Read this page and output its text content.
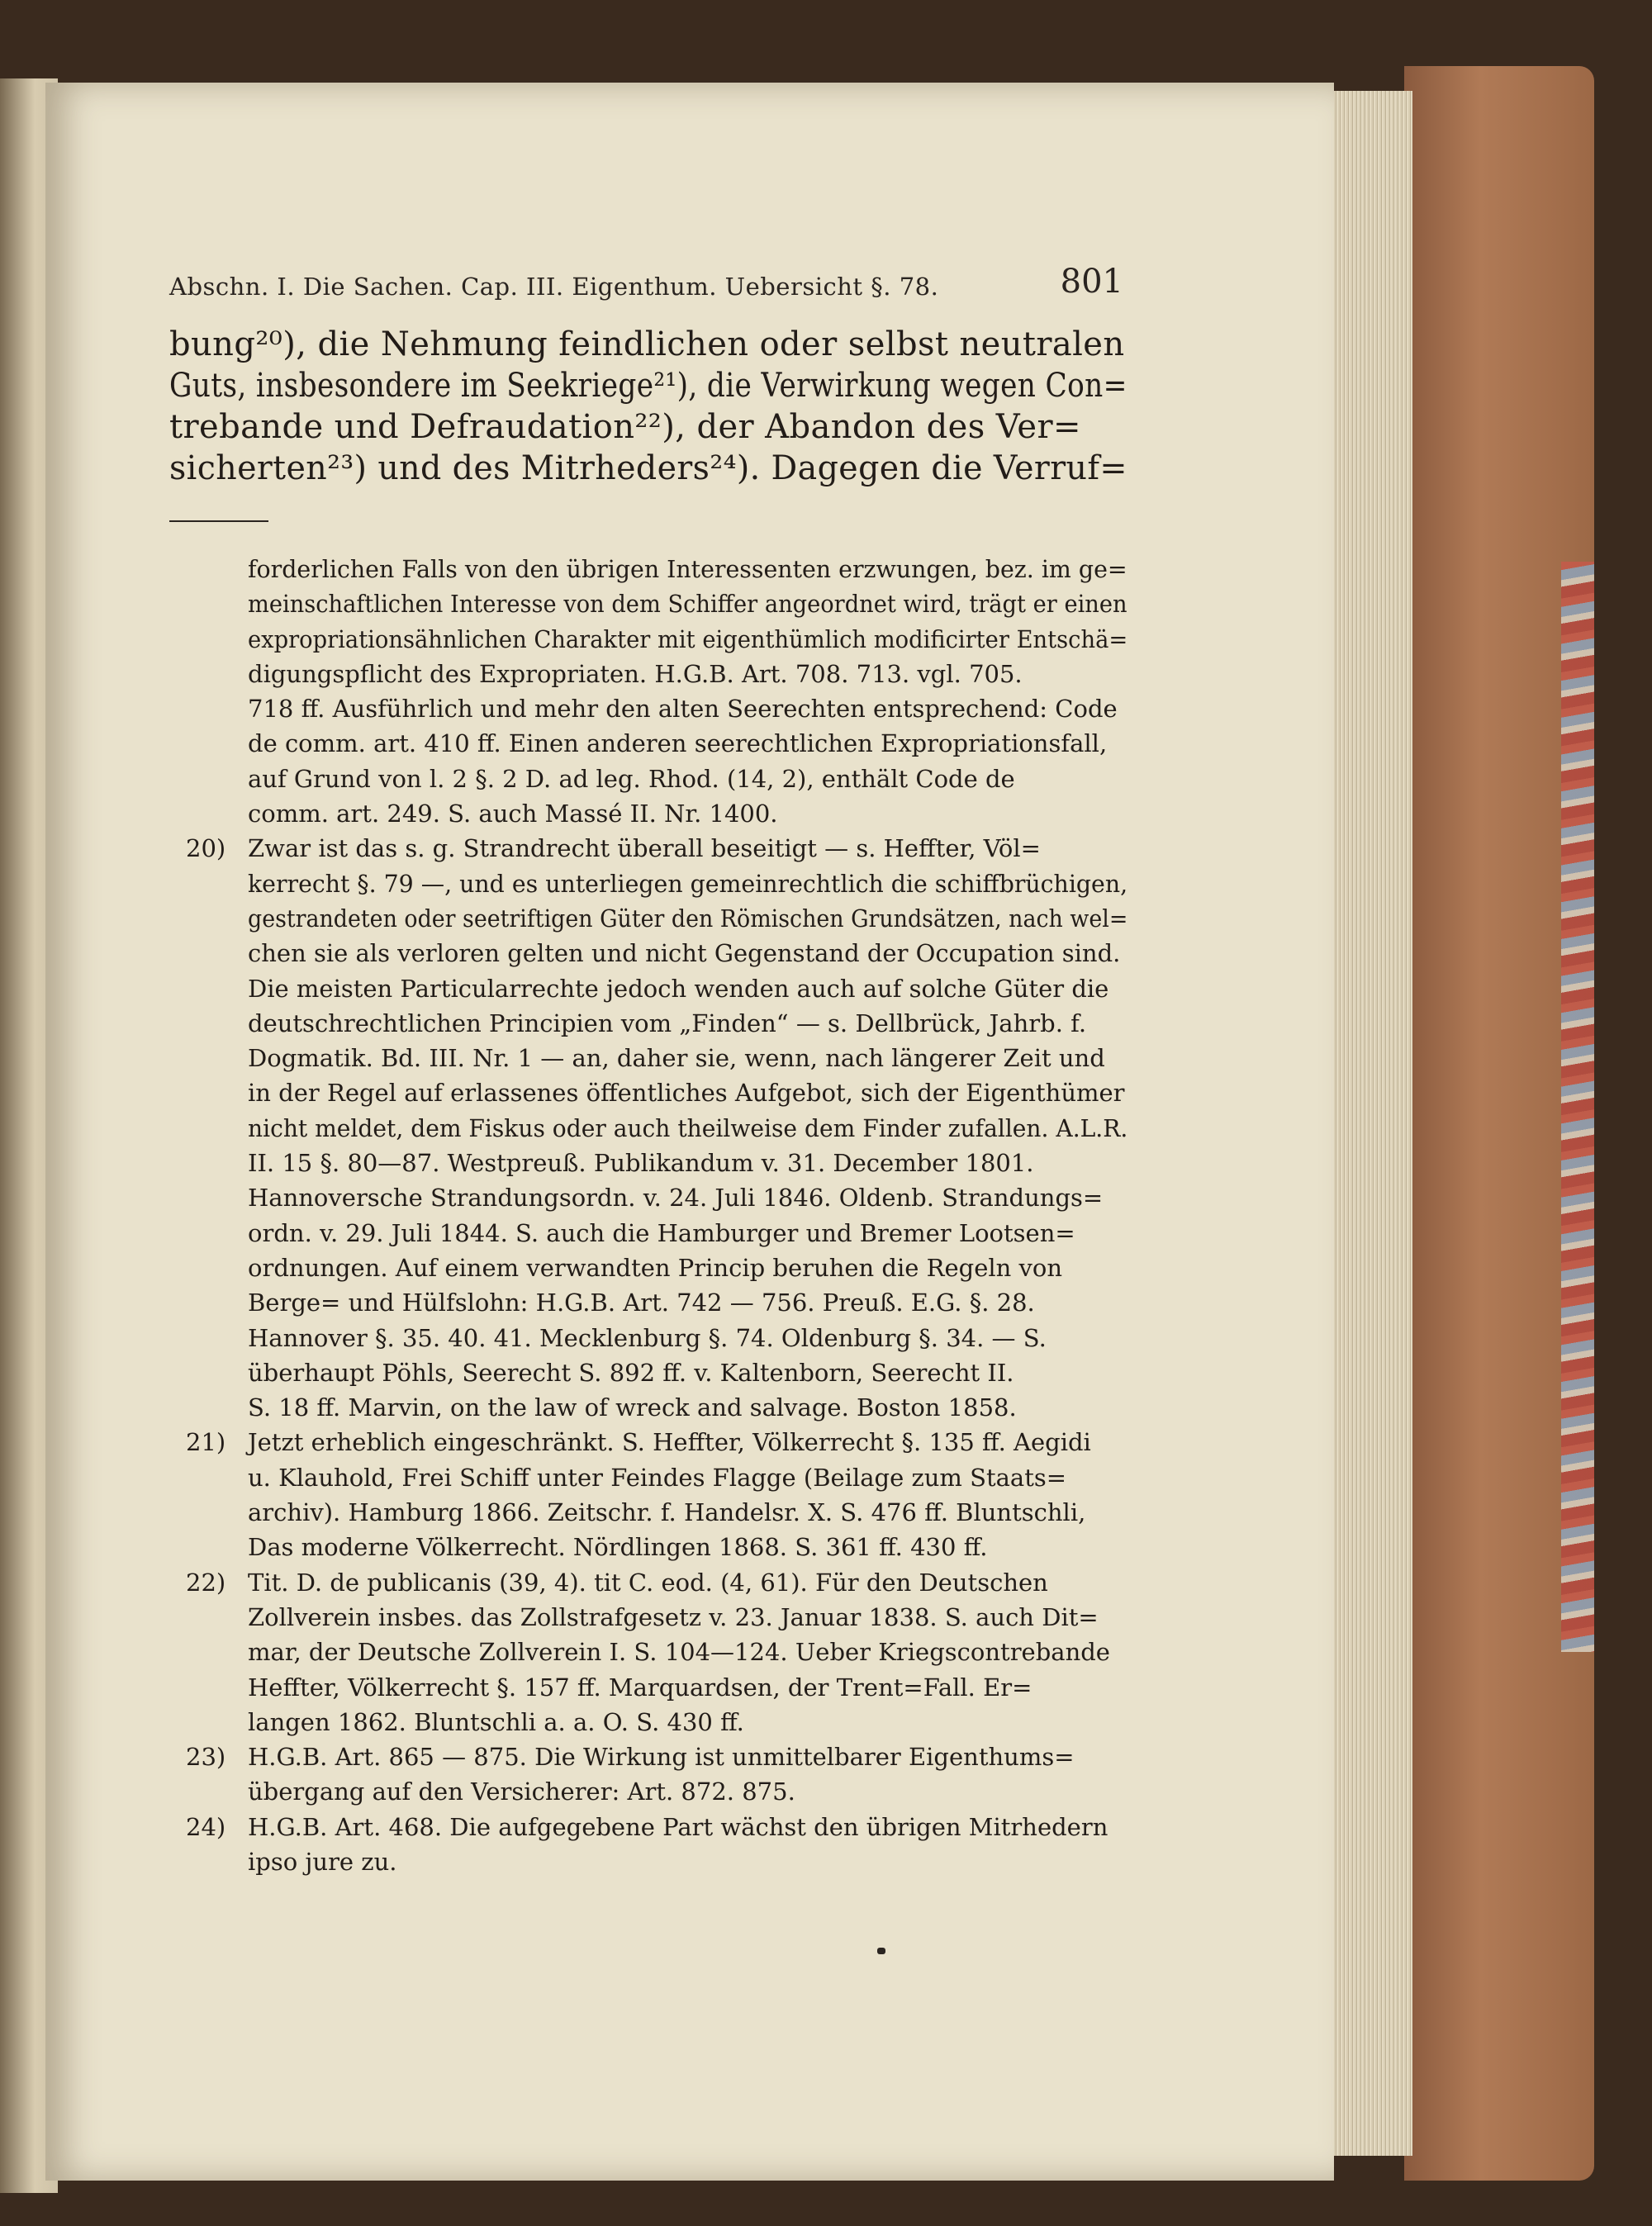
Abschn. I. Die Sachen. Cap. III. Eigenthum. Uebersicht §. 78.	801
bung²⁰), die Nehmung feindlichen oder selbst neutralen
Guts, insbesondere im Seekriege²¹), die Verwirkung wegen Con=
trebande und Defraudation²²), der Abandon des Ver=
sicherten²³) und des Mitrheders²⁴). Dagegen die Verruf=
forderlichen Falls von den übrigen Interessenten erzwungen, bez. im ge=
meinschaftlichen Interesse von dem Schiffer angeordnet wird, trägt er einen
expropriationsähnlichen Charakter mit eigenthümlich modificirter Entschä=
digungspflicht des Expropriaten. H.G.B. Art. 708. 713. vgl. 705.
718 ff. Ausführlich und mehr den alten Seerechten entsprechend: Code
de comm. art. 410 ff. Einen anderen seerechtlichen Expropriationsfall,
auf Grund von l. 2 §. 2 D. ad leg. Rhod. (14, 2), enthält Code de
comm. art. 249. S. auch Massé II. Nr. 1400.
20) Zwar ist das s. g. Strandrecht überall beseitigt — s. Heffter, Völ=
kerrecht §. 79 —, und es unterliegen gemeinrechtlich die schiffbrüchigen,
gestrandeten oder seetriftigen Güter den Römischen Grundsätzen, nach wel=
chen sie als verloren gelten und nicht Gegenstand der Occupation sind.
Die meisten Particularrechte jedoch wenden auch auf solche Güter die
deutschrechtlichen Principien vom „Finden“ — s. Dellbrück, Jahrb. f.
Dogmatik. Bd. III. Nr. 1 — an, daher sie, wenn, nach längerer Zeit und
in der Regel auf erlassenes öffentliches Aufgebot, sich der Eigenthümer
nicht meldet, dem Fiskus oder auch theilweise dem Finder zufallen. A.L.R.
II. 15 §. 80—87. Westpreuß. Publikandum v. 31. December 1801.
Hannoversche Strandungsordn. v. 24. Juli 1846. Oldenb. Strandungs=
ordn. v. 29. Juli 1844. S. auch die Hamburger und Bremer Lootsen=
ordnungen. Auf einem verwandten Princip beruhen die Regeln von
Berge= und Hülfslohn: H.G.B. Art. 742 — 756. Preuß. E.G. §. 28.
Hannover §. 35. 40. 41. Mecklenburg §. 74. Oldenburg §. 34. — S.
überhaupt Pöhls, Seerecht S. 892 ff. v. Kaltenborn, Seerecht II.
S. 18 ff. Marvin, on the law of wreck and salvage. Boston 1858.
21) Jetzt erheblich eingeschränkt. S. Heffter, Völkerrecht §. 135 ff. Aegidi
u. Klauhold, Frei Schiff unter Feindes Flagge (Beilage zum Staats=
archiv). Hamburg 1866. Zeitschr. f. Handelsr. X. S. 476 ff. Bluntschli,
Das moderne Völkerrecht. Nördlingen 1868. S. 361 ff. 430 ff.
22) Tit. D. de publicanis (39, 4). tit C. eod. (4, 61). Für den Deutschen
Zollverein insbes. das Zollstrafgesetz v. 23. Januar 1838. S. auch Dit=
mar, der Deutsche Zollverein I. S. 104—124. Ueber Kriegscontrebande
Heffter, Völkerrecht §. 157 ff. Marquardsen, der Trent=Fall. Er=
langen 1862. Bluntschli a. a. O. S. 430 ff.
23) H.G.B. Art. 865 — 875. Die Wirkung ist unmittelbarer Eigenthums=
übergang auf den Versicherer: Art. 872. 875.
24) H.G.B. Art. 468. Die aufgegebene Part wächst den übrigen Mitrhedern
ipso jure zu.
